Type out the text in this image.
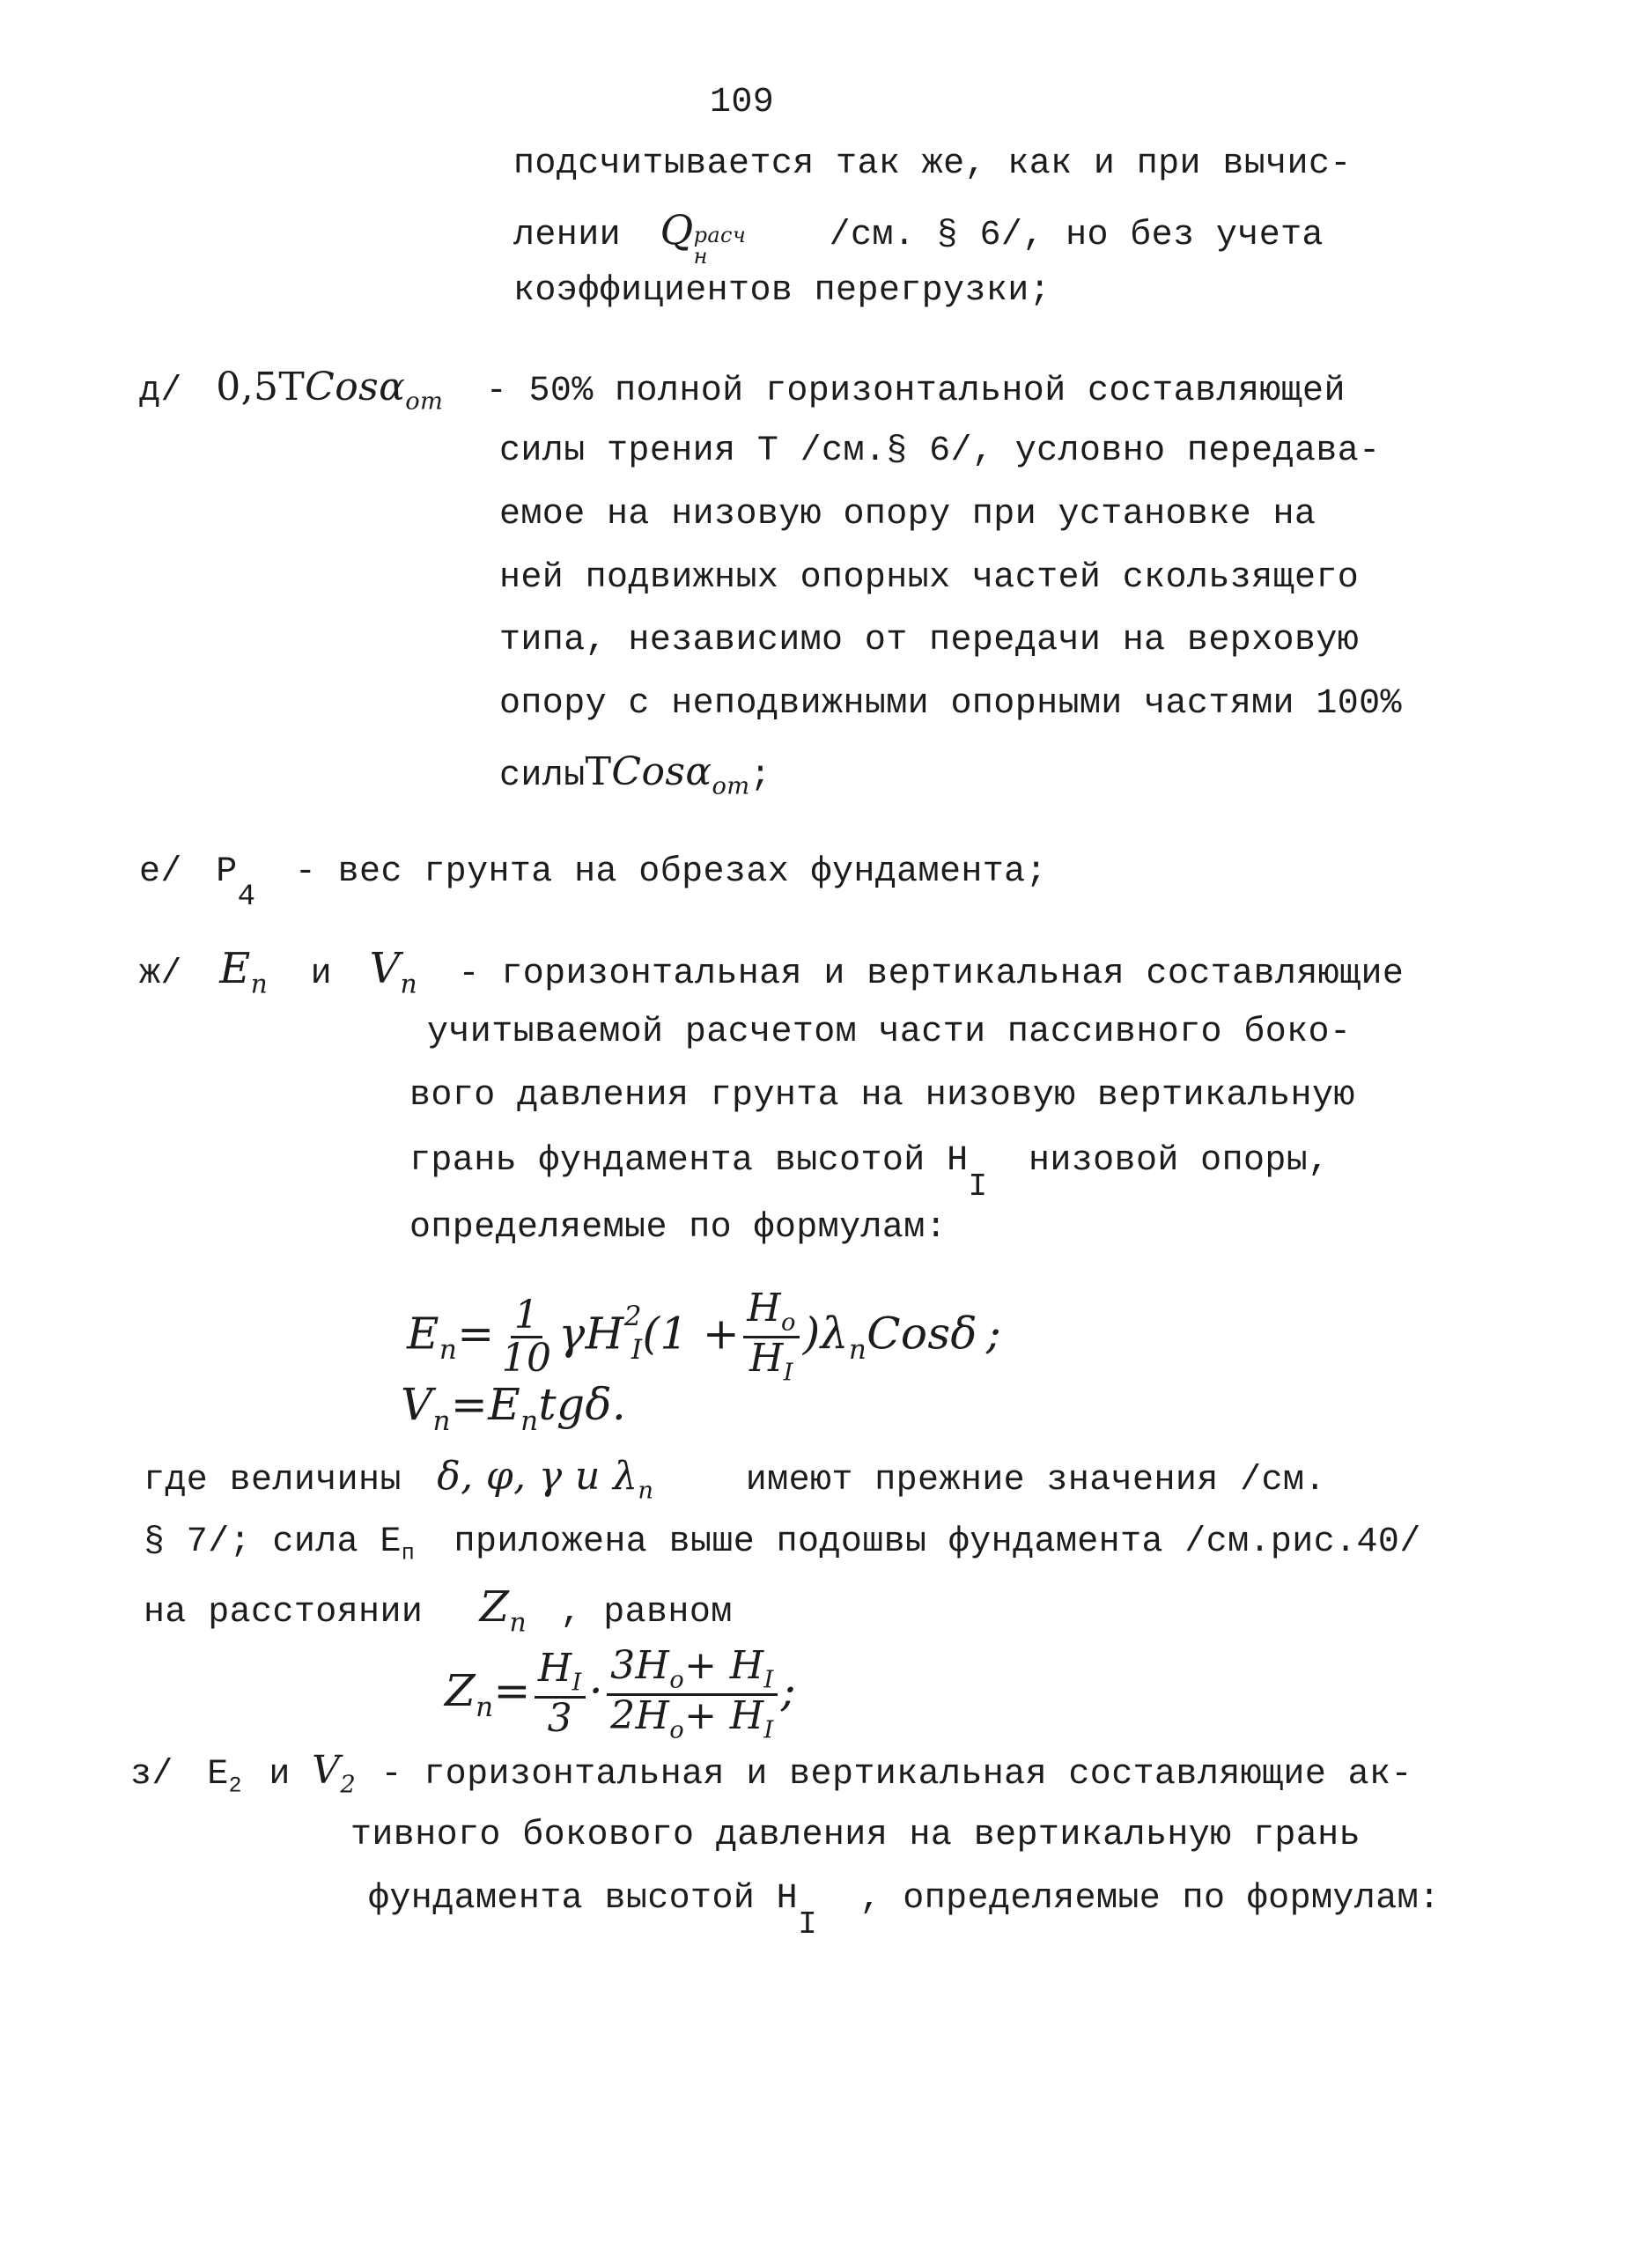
109
подсчитывается так же, как и при вычис-
лении Q расч
н
/см. § 6/, но без учета
коэффициентов перегрузки;
д/ 0,5TCosα$_{от}$ - 50% полной горизонтальной составляющей
силы трения Т /см.§ 6/, условно передава-
емое на низовую опору при установке на
ней подвижных опорных частей скользящего
типа, независимо от передачи на верховую
опору с неподвижными опорными частями 100%
силыTCosα$_{от}$;
е/ $P_4$ - вес грунта на обрезах фундамента;
ж/ $E_п$ и $V_п$ - горизонтальная и вертикальная составляющие
учитываемой расчетом части пассивного боко-
вого давления грунта на низовую вертикальную
грань фундамента высотой HI низовой опоры,
определяемые по формулам:
$E_п= \frac{1}{10} \gamma H^2_I(1 + \frac{H_о}{H_I} )\lambda_пCos\delta$ ;
$V_п=E_пtg\delta$.
где величины δ, φ, γ и $\lambda_п$	имеют прежние значения /см.
§ 7/; сила $E_п$ приложена выше подошвы фундамента /см.рис.40/
на расстоянии $Z_п$ , равном
$Z_п= \frac{H_I}{3} \cdot \frac{3H_о+ H_I}{2H_о+ H_I}$ ;
з/ $E_2$ и $V_2$ - горизонтальная и вертикальная составляющие ак-
тивного бокового давления на вертикальную грань
фундамента высотой HI , определяемые по формулам:
